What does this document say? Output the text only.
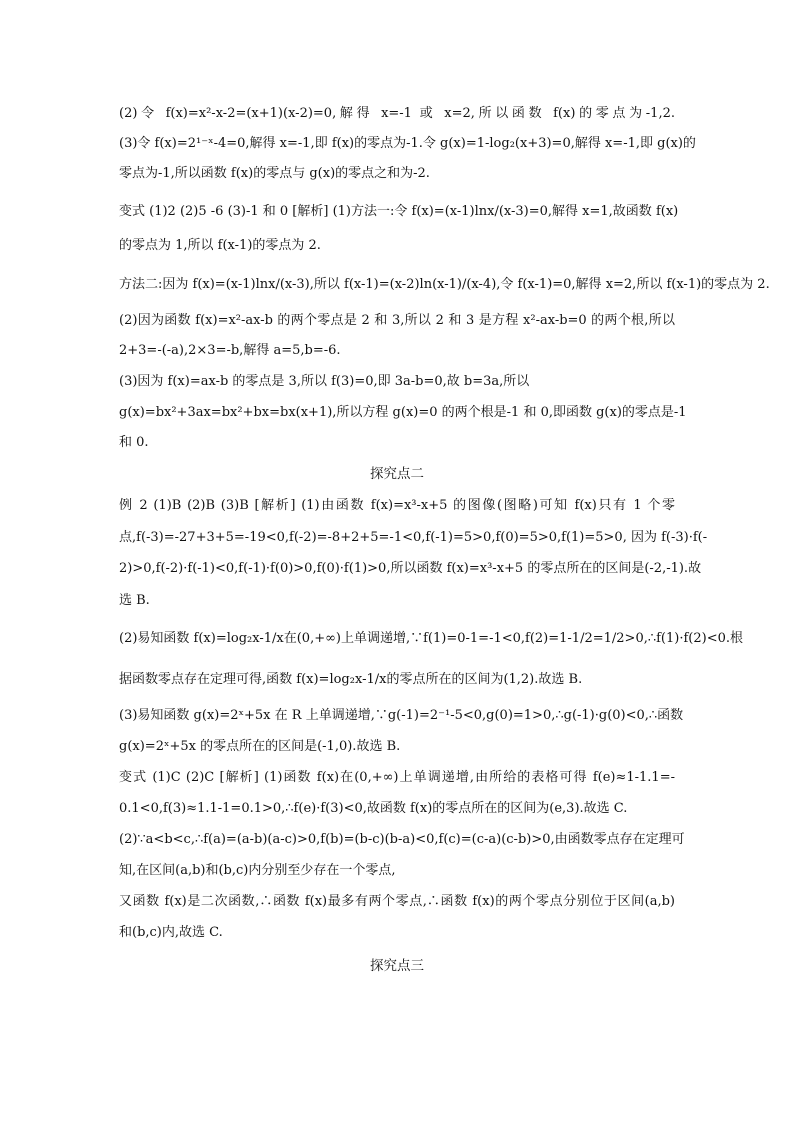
(2)令 f(x)=x²-x-2=(x+1)(x-2)=0,解得 x=-1 或 x=2,所以函数 f(x)的零点为-1,2.
(3)令 f(x)=2¹⁻ˣ-4=0,解得 x=-1,即 f(x)的零点为-1.令 g(x)=1-log₂(x+3)=0,解得 x=-1,即 g(x)的
零点为-1,所以函数 f(x)的零点与 g(x)的零点之和为-2.
变式 (1)2 (2)5 -6 (3)-1 和 0 [解析] (1)方法一:令 f(x)=(x-1)lnx/(x-3)=0,解得 x=1,故函数 f(x)
的零点为 1,所以 f(x-1)的零点为 2.
方法二:因为 f(x)=(x-1)lnx/(x-3),所以 f(x-1)=(x-2)ln(x-1)/(x-4),令 f(x-1)=0,解得 x=2,所以 f(x-1)的零点为 2.
(2)因为函数 f(x)=x²-ax-b 的两个零点是 2 和 3,所以 2 和 3 是方程 x²-ax-b=0 的两个根,所以
2+3=-(-a),2×3=-b,解得 a=5,b=-6.
(3)因为 f(x)=ax-b 的零点是 3,所以 f(3)=0,即 3a-b=0,故 b=3a,所以
g(x)=bx²+3ax=bx²+bx=bx(x+1),所以方程 g(x)=0 的两个根是-1 和 0,即函数 g(x)的零点是-1
和 0.
探究点二
例 2 (1)B (2)B (3)B [解析] (1)由函数 f(x)=x³-x+5 的图像(图略)可知 f(x)只有 1 个零
点,f(-3)=-27+3+5=-19<0,f(-2)=-8+2+5=-1<0,f(-1)=5>0,f(0)=5>0,f(1)=5>0, 因为 f(-3)·f(-
2)>0,f(-2)·f(-1)<0,f(-1)·f(0)>0,f(0)·f(1)>0,所以函数 f(x)=x³-x+5 的零点所在的区间是(-2,-1).故
选 B.
(2)易知函数 f(x)=log₂x-1/x在(0,+∞)上单调递增,∵f(1)=0-1=-1<0,f(2)=1-1/2=1/2>0,∴f(1)·f(2)<0.根
据函数零点存在定理可得,函数 f(x)=log₂x-1/x的零点所在的区间为(1,2).故选 B.
(3)易知函数 g(x)=2ˣ+5x 在 R 上单调递增,∵g(-1)=2⁻¹-5<0,g(0)=1>0,∴g(-1)·g(0)<0,∴函数
g(x)=2ˣ+5x 的零点所在的区间是(-1,0).故选 B.
变式 (1)C (2)C [解析] (1)函数 f(x)在(0,+∞)上单调递增,由所给的表格可得 f(e)≈1-1.1=-
0.1<0,f(3)≈1.1-1=0.1>0,∴f(e)·f(3)<0,故函数 f(x)的零点所在的区间为(e,3).故选 C.
(2)∵a<b<c,∴f(a)=(a-b)(a-c)>0,f(b)=(b-c)(b-a)<0,f(c)=(c-a)(c-b)>0,由函数零点存在定理可
知,在区间(a,b)和(b,c)内分别至少存在一个零点,
又函数 f(x)是二次函数,∴函数 f(x)最多有两个零点,∴函数 f(x)的两个零点分别位于区间(a,b)
和(b,c)内,故选 C.
探究点三
